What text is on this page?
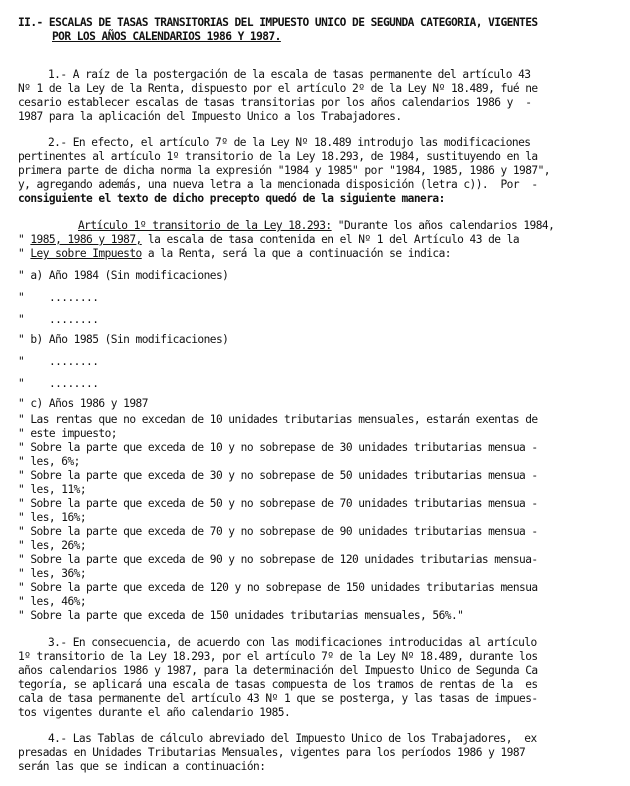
II.- ESCALAS DE TASAS TRANSITORIAS DEL IMPUESTO UNICO DE SEGUNDA CATEGORIA, VIGENTES
POR LOS AÑOS CALENDARIOS 1986 Y 1987.
1.- A raíz de la postergación de la escala de tasas permanente del artículo 43
Nº 1 de la Ley de la Renta, dispuesto por el artículo 2º de la Ley Nº 18.489, fué ne
cesario establecer escalas de tasas transitorias por los años calendarios 1986 y  -
1987 para la aplicación del Impuesto Unico a los Trabajadores.
2.- En efecto, el artículo 7º de la Ley Nº 18.489 introdujo las modificaciones
pertinentes al artículo 1º transitorio de la Ley 18.293, de 1984, sustituyendo en la
primera parte de dicha norma la expresión "1984 y 1985" por "1984, 1985, 1986 y 1987",
y, agregando además, una nueva letra a la mencionada disposición (letra c)).  Por  -
consiguiente el texto de dicho precepto quedó de la siguiente manera:
Artículo 1º transitorio de la Ley 18.293: "Durante los años calendarios 1984,
" 1985, 1986 y 1987, la escala de tasa contenida en el Nº 1 del Artículo 43 de la
" Ley sobre Impuesto a la Renta, será la que a continuación se indica:
" a) Año 1984 (Sin modificaciones)
"    ........
"    ........
" b) Año 1985 (Sin modificaciones)
"    ........
"    ........
" c) Años 1986 y 1987
" Las rentas que no excedan de 10 unidades tributarias mensuales, estarán exentas de
" este impuesto;
" Sobre la parte que exceda de 10 y no sobrepase de 30 unidades tributarias mensua -
" les, 6%;
" Sobre la parte que exceda de 30 y no sobrepase de 50 unidades tributarias mensua -
" les, 11%;
" Sobre la parte que exceda de 50 y no sobrepase de 70 unidades tributarias mensua -
" les, 16%;
" Sobre la parte que exceda de 70 y no sobrepase de 90 unidades tributarias mensua -
" les, 26%;
" Sobre la parte que exceda de 90 y no sobrepase de 120 unidades tributarias mensua-
" les, 36%;
" Sobre la parte que exceda de 120 y no sobrepase de 150 unidades tributarias mensua
" les, 46%;
" Sobre la parte que exceda de 150 unidades tributarias mensuales, 56%."
3.- En consecuencia, de acuerdo con las modificaciones introducidas al artículo
1º transitorio de la Ley 18.293, por el artículo 7º de la Ley Nº 18.489, durante los
años calendarios 1986 y 1987, para la determinación del Impuesto Unico de Segunda Ca
tegoría, se aplicará una escala de tasas compuesta de los tramos de rentas de la  es
cala de tasa permanente del artículo 43 Nº 1 que se posterga, y las tasas de impues-
tos vigentes durante el año calendario 1985.
4.- Las Tablas de cálculo abreviado del Impuesto Unico de los Trabajadores,  ex
presadas en Unidades Tributarias Mensuales, vigentes para los períodos 1986 y 1987
serán las que se indican a continuación:
